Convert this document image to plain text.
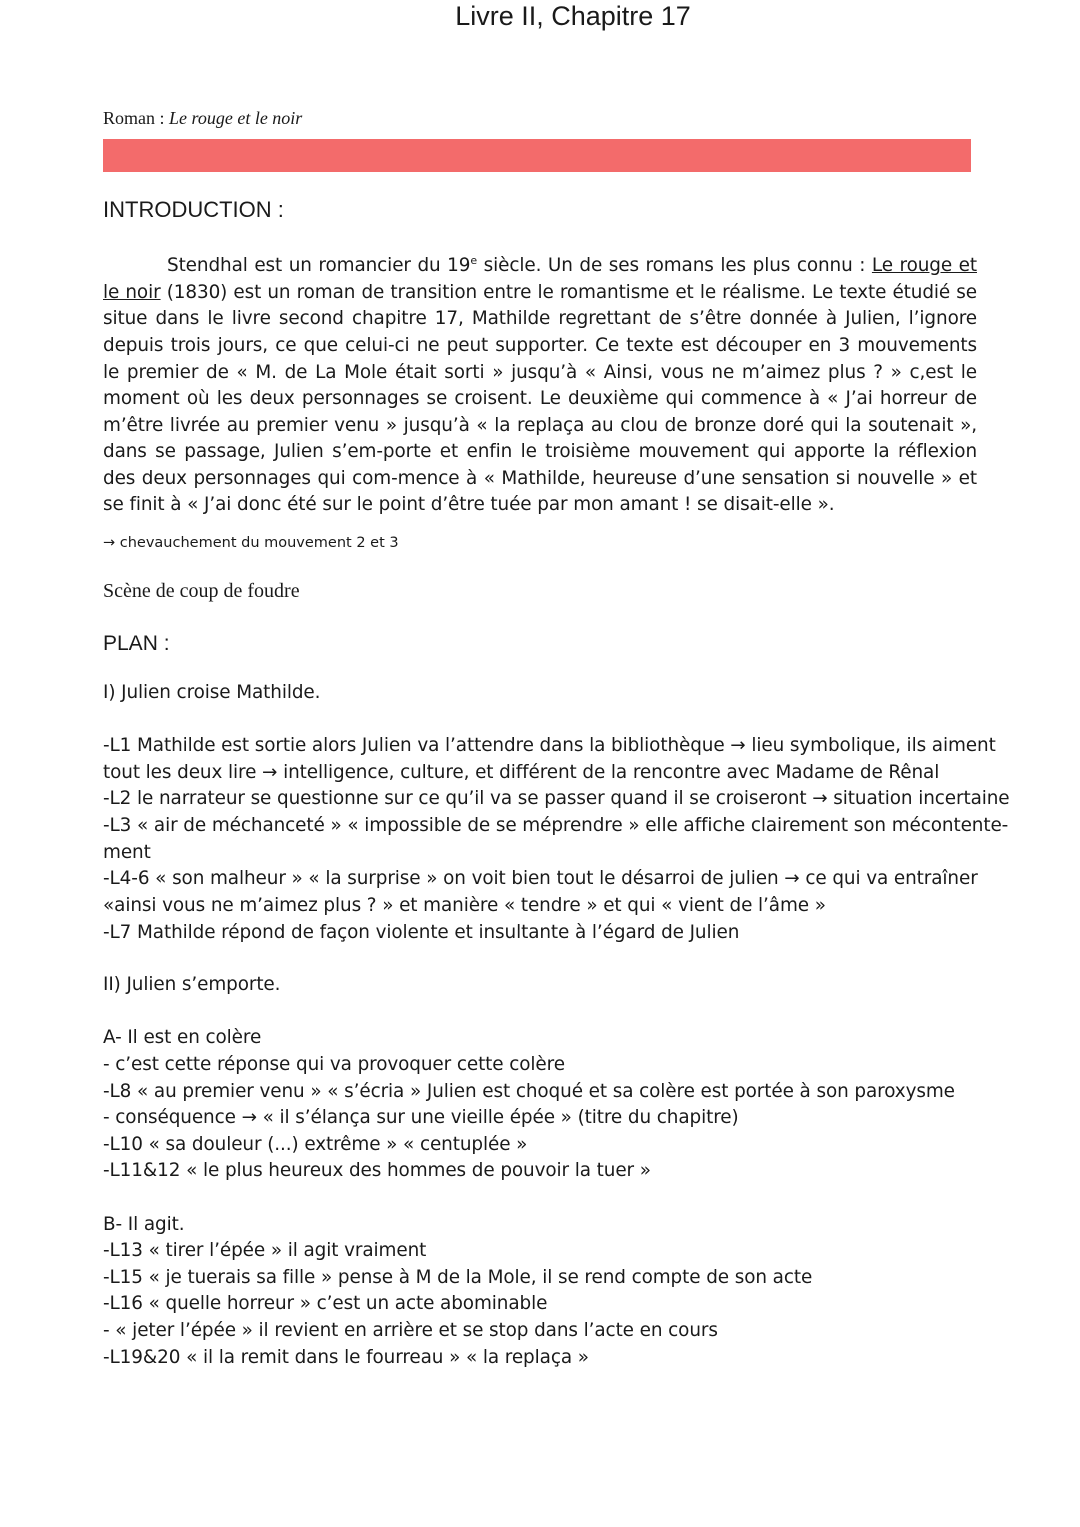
Roman : Le rouge et le noir
Livre II, Chapitre 17
INTRODUCTION :
Stendhal est un romancier du 19e siècle. Un de ses romans les plus connu : Le rouge et le noir (1830) est un roman de transition entre le romantisme et le réalisme. Le texte étudié se situe dans le livre second chapitre 17, Mathilde regrettant de s’être donnée à Julien, l’ignore depuis trois jours, ce que celui-ci ne peut supporter. Ce texte est découper en 3 mouvements le premier de « M. de La Mole était sorti » jusqu’à « Ainsi, vous ne m’aimez plus ? » c,est le moment où les deux personnages se croisent. Le deuxième qui commence à « J’ai horreur de m’être livrée au premier venu » jusqu’à « la replaça au clou de bronze doré qui la soutenait », dans se passage, Julien s’em-porte et enfin le troisième mouvement qui apporte la réflexion des deux personnages qui com-mence à « Mathilde, heureuse d’une sensation si nouvelle » et se finit à « J’ai donc été sur le point d’être tuée par mon amant ! se disait-elle ».
→ chevauchement du mouvement 2 et 3
Scène de coup de foudre
PLAN :
I) Julien croise Mathilde.
-L1 Mathilde est sortie alors Julien va l’attendre dans la bibliothèque → lieu symbolique, ils aiment
tout les deux lire → intelligence, culture, et différent de la rencontre avec Madame de Rênal
-L2 le narrateur se questionne sur ce qu’il va se passer quand il se croiseront → situation incertaine
-L3 « air de méchanceté » « impossible de se méprendre » elle affiche clairement son mécontente-
ment
-L4-6 « son malheur » « la surprise » on voit bien tout le désarroi de julien → ce qui va entraîner
«ainsi vous ne m’aimez plus ? » et manière « tendre » et qui « vient de l’âme »
-L7 Mathilde répond de façon violente et insultante à l’égard de Julien
II) Julien s’emporte.
A- Il est en colère
- c’est cette réponse qui va provoquer cette colère
-L8 « au premier venu » « s’écria » Julien est choqué et sa colère est portée à son paroxysme
- conséquence → « il s’élança sur une vieille épée » (titre du chapitre)
-L10 « sa douleur (...) extrême » « centuplée »
-L11&12 « le plus heureux des hommes de pouvoir la tuer »
B- Il agit.
-L13 « tirer l’épée » il agit vraiment
-L15 « je tuerais sa fille » pense à M de la Mole, il se rend compte de son acte
-L16 « quelle horreur » c’est un acte abominable
- « jeter l’épée » il revient en arrière et se stop dans l’acte en cours
-L19&20 « il la remit dans le fourreau » « la replaça »
